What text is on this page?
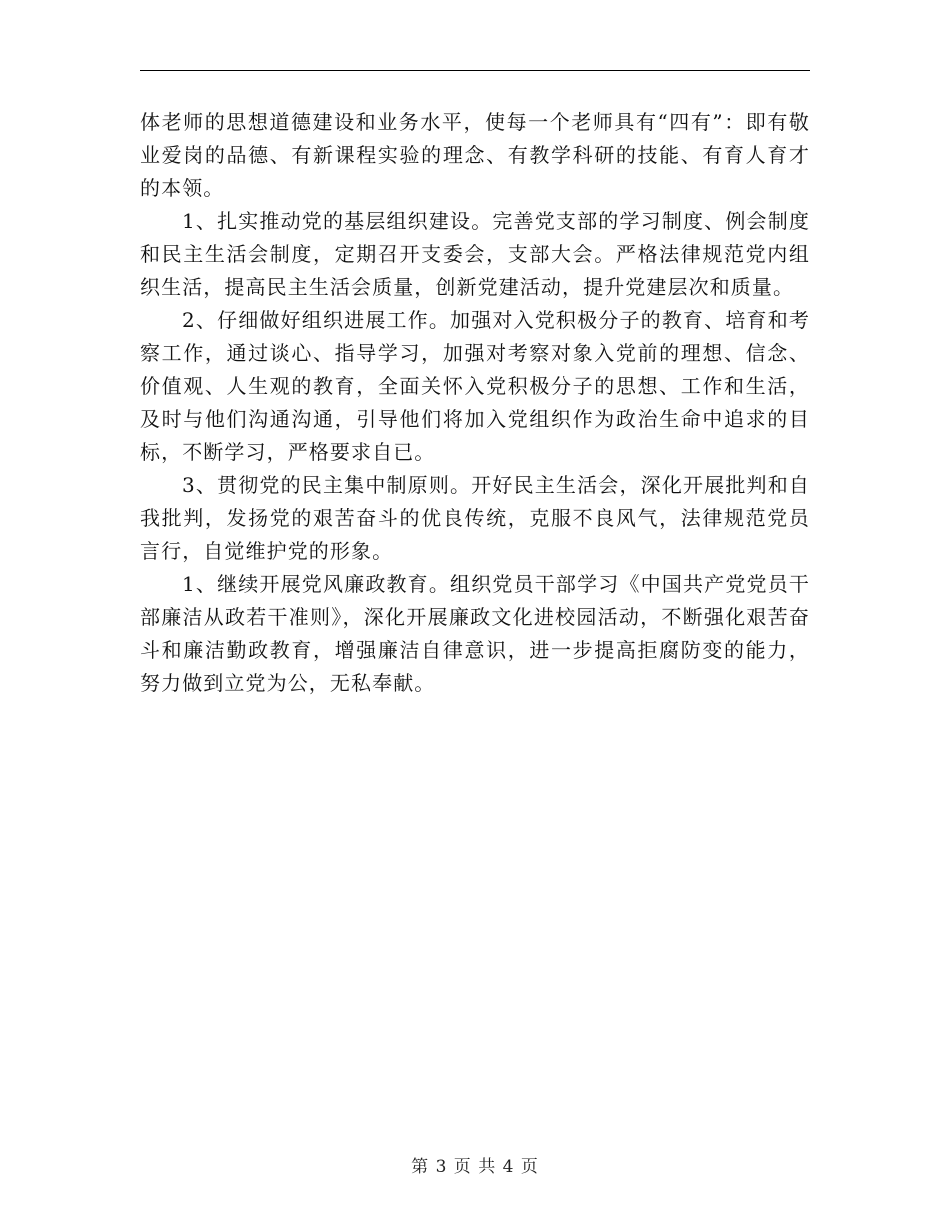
体老师的思想道德建设和业务水平，使每一个老师具有“四有”：即有敬业爱岗的品德、有新课程实验的理念、有教学科研的技能、有育人育才的本领。

1、扎实推动党的基层组织建设。完善党支部的学习制度、例会制度和民主生活会制度，定期召开支委会，支部大会。严格法律规范党内组织生活，提高民主生活会质量，创新党建活动，提升党建层次和质量。

2、仔细做好组织进展工作。加强对入党积极分子的教育、培育和考察工作，通过谈心、指导学习，加强对考察对象入党前的理想、信念、价值观、人生观的教育，全面关怀入党积极分子的思想、工作和生活，及时与他们沟通沟通，引导他们将加入党组织作为政治生命中追求的目标，不断学习，严格要求自已。

3、贯彻党的民主集中制原则。开好民主生活会，深化开展批判和自我批判，发扬党的艰苦奋斗的优良传统，克服不良风气，法律规范党员言行，自觉维护党的形象。

1、继续开展党风廉政教育。组织党员干部学习《中国共产党党员干部廉洁从政若干准则》，深化开展廉政文化进校园活动，不断强化艰苦奋斗和廉洁勤政教育，增强廉洁自律意识，进一步提高拒腐防变的能力，努力做到立党为公，无私奉献。

第 3 页 共 4 页
